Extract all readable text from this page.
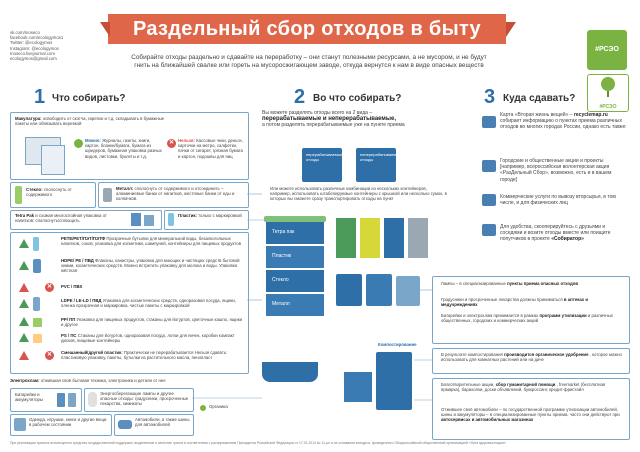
vk.com/moseco
facebook.com/ecologymos1
Twitter: @ecologymos
Instagram: @ecologymos
moseco.livejournal.com
ecologymos@gmail.com
Раздельный сбор отходов в быту
Собирайте отходы раздельно и сдавайте на переработку – они станут полезными ресурсами, а не мусором, и не будут гнить на ближайшей свалке или гореть на мусоросжигающем заводе, откуда вернутся к нам в виде опасных веществ
#РСЭО
#РСЭО
1 Что собирать?	2 Во что собирать?	3 Куда сдавать?
Макулатура: освободить от скотча, скрепок и т.д. складывать в бумажные пакеты или обвязывать веревкой
Можно: Журналы, газеты, книги, картон, бланки/бумага, бумага из шредеров, бумажная упаковка разных видов, листовки, буклеты и т.д.
✕ Нельзя: Кассовые чеки, деньги, карточки на метро, салфетки, пачки от сигарет, грязная бумага и картон, подошвы для яиц
Стекло: сполоснуть от содержимого
Металл: сполоснуть от содержимого и отсоединить – алюминиевые банки от напитков, жестяные банки от еды и колпачков.
Tetra Pak и схожая многослойная упаковка от напитков: сполоснуть/сплющить
Пластик: только с маркировкой
PETE/PET/ПЭТ/ПЭТФ Прозрачные бутылки для минеральной воды, безалкогольных напитков, соков, упаковка для косметики, шампуней, контейнеры для пищевых продуктов
HDPE/ PE / ПВД Флаконы, канистры, упаковка для моющих и чистящих средств бытовой химии, косметических средств. Можно встретить упаковку для молока и воды. Упаковка жёсткая
✕	PVC / ПВХ
LDPE / LE-LD / ПВД Упаковка для косметических средств, одноразовая посуда, ящики, пленка прозрачная и маркировка, чистые пакеты с маркировкой
PP/ ПП Упаковка для пищевых продуктов, стаканы для йогуртов, цветочные кашпо, ящики и другое
PS / ПС Стаканы для йогуртов, одноразовая посуда, лотки для яичек, коробки компакт дисков, пищевые контейнеры
✕	Смешанный/другой пластик: Практически не перерабатывается Нельзя сдавать: пластиковую упаковку, пакеты, бутылки из растительного масла, пенопласт
Электрохлам: отжившая своё бытовая техника, электроника и детали от нее
Батарейки и аккумуляторы
Энергосберегающие лампы и другие опасные отходы: градусники, просроченные лекарства, химикаты
Одежда, игрушки, книги и другие вещи в рабочем состоянии
Автомобили, а также шины для автомобилей
Органика
Вы можете разделять отходы всего на 2 вида –
перерабатываемые и неперерабатываемые,
а потом разделять перерабатываемые уже на пункте приема
перерабатываемые отходы
неперерабатываемые отходы
Или можете использовать различные комбинации из нескольких контейнеров, например, использовать штабелируемые контейнеры с крышкой или несколько сумок, в которых вы сможете сразу транспортировать отходы на пункт
Тетра пак
Пластик
Стекло
Металл
Компостирование
Карта «Вторая жизнь вещей» – recyclemap.ru собирает информацию о пунктах приема различных отходов во многих городах России, однако есть также:
Городские и общественные акции и проекты [например, всероссийская волонтерская акция «РазДельный Сбор», возможно, есть и в вашем городе]
Коммерческие услуги по вывозу вторсырья, в том числе, и для физических лиц
Для удобства, скооперируйтесь с друзьями и соседями и возите отходы вместе или поищите попутчиков в проекте «Собиратор»
Лампы – в специализированные пункты приема опасных отходов
Градусники и просроченные лекарства должны приниматься в аптеках и медучреждениях
Батарейки и электрохлам принимается в рамках программ утилизации и различных общественных, городских и коммерческих акций
В результате компостирования производится органическое удобрение , которое можно использовать для комнатных растений или на даче
Благотворительные акции, сбор гуманитарной помощи , freemarket (бесплатная ярмарка), барахолки, доски объявлений, буккроссинг, кредит-фристайл
Отжившее своё автомобили – по государственной программе утилизации автомобилей, шины и аккумуляторы – в специализированные пункты приема, часто они действуют при автосервисах и автомобильных магазинах
При реализации проекта используются средства государственной поддержки, выделенные в качестве гранта в соответствии с распоряжением Президента Российской Федерации от 17.01.2014 № 11-рп и на основании конкурса, проведенного Общероссийской общественной организацией «Лига здоровья нации»
